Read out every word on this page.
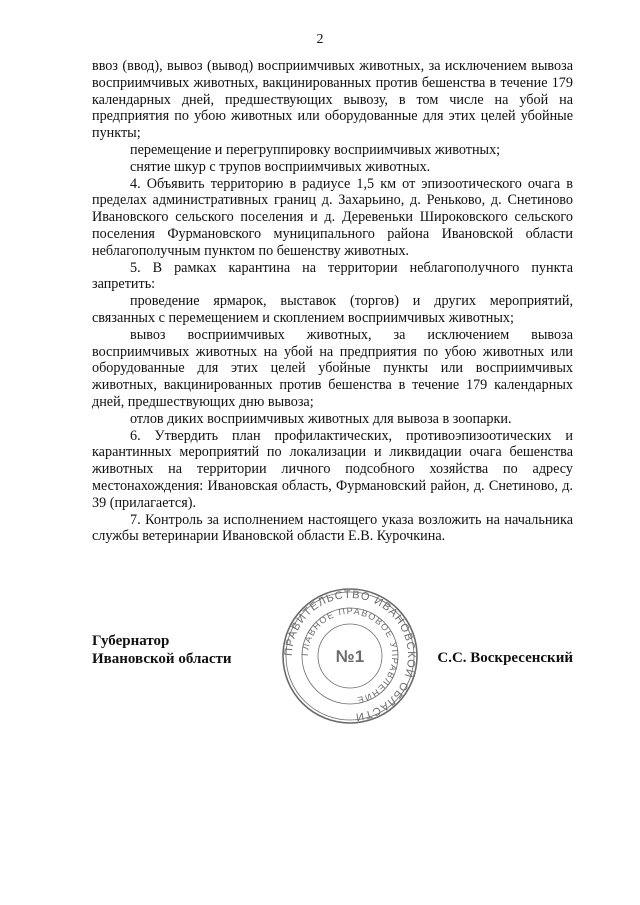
2

ввоз (ввод), вывоз (вывод) восприимчивых животных, за исключением вывоза восприимчивых животных, вакцинированных против бешенства в течение 179 календарных дней, предшествующих вывозу, в том числе на убой на предприятия по убою животных или оборудованные для этих целей убойные пункты;

перемещение и перегруппировку восприимчивых животных;

снятие шкур с трупов восприимчивых животных.

4. Объявить территорию в радиусе 1,5 км от эпизоотического очага в пределах административных границ д. Захарьино, д. Реньково, д. Снетиново Ивановского сельского поселения и д. Деревеньки Широковского сельского поселения Фурмановского муниципального района Ивановской области неблагополучным пунктом по бешенству животных.

5. В рамках карантина на территории неблагополучного пункта запретить:

проведение ярмарок, выставок (торгов) и других мероприятий, связанных с перемещением и скоплением восприимчивых животных;

вывоз восприимчивых животных, за исключением вывоза восприимчивых животных на убой на предприятия по убою животных или оборудованные для этих целей убойные пункты или восприимчивых животных, вакцинированных против бешенства в течение 179 календарных дней, предшествующих дню вывоза;

отлов диких восприимчивых животных для вывоза в зоопарки.

6. Утвердить план профилактических, противоэпизоотических и карантинных мероприятий по локализации и ликвидации очага бешенства животных на территории личного подсобного хозяйства по адресу местонахождения: Ивановская область, Фурмановский район, д. Снетиново, д. 39 (прилагается).

7. Контроль за исполнением настоящего указа возложить на начальника службы ветеринарии Ивановской области Е.В. Курочкина.

Губернатор
Ивановской области	ПРАВИТЕЛЬСТВО ИВАНОВСКОЙ ОБЛАСТИ
ГЛАВНОЕ ПРАВОВОЕ УПРАВЛЕНИЕ
№1	С.С. Воскресенский
